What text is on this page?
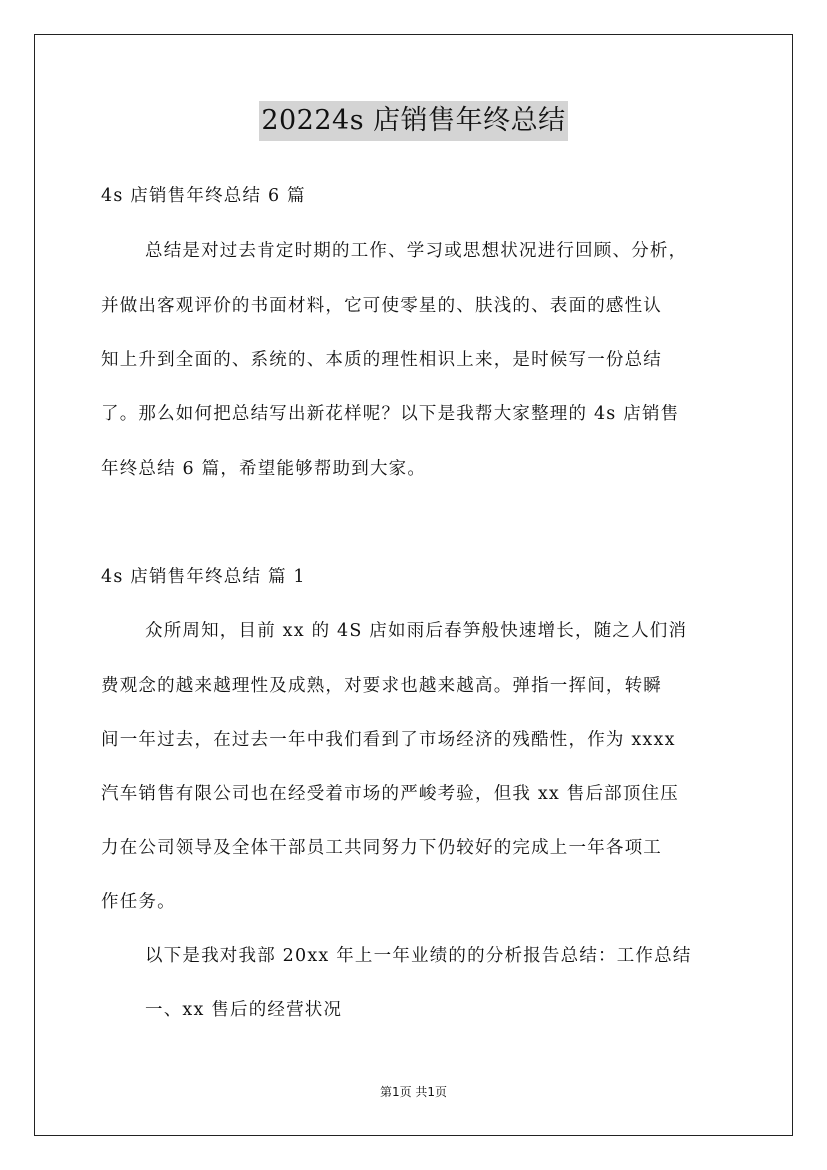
20224s 店销售年终总结
4s 店销售年终总结 6 篇
总结是对过去肯定时期的工作、学习或思想状况进行回顾、分析，
并做出客观评价的书面材料，它可使零星的、肤浅的、表面的感性认
知上升到全面的、系统的、本质的理性相识上来，是时候写一份总结
了。那么如何把总结写出新花样呢？以下是我帮大家整理的 4s 店销售
年终总结 6 篇，希望能够帮助到大家。
4s 店销售年终总结 篇 1
众所周知，目前 xx 的 4S 店如雨后春笋般快速增长，随之人们消
费观念的越来越理性及成熟，对要求也越来越高。弹指一挥间，转瞬
间一年过去，在过去一年中我们看到了市场经济的残酷性，作为 xxxx
汽车销售有限公司也在经受着市场的严峻考验，但我 xx 售后部顶住压
力在公司领导及全体干部员工共同努力下仍较好的完成上一年各项工
作任务。
以下是我对我部 20xx 年上一年业绩的的分析报告总结：工作总结
一、xx 售后的经营状况
第1页 共1页
